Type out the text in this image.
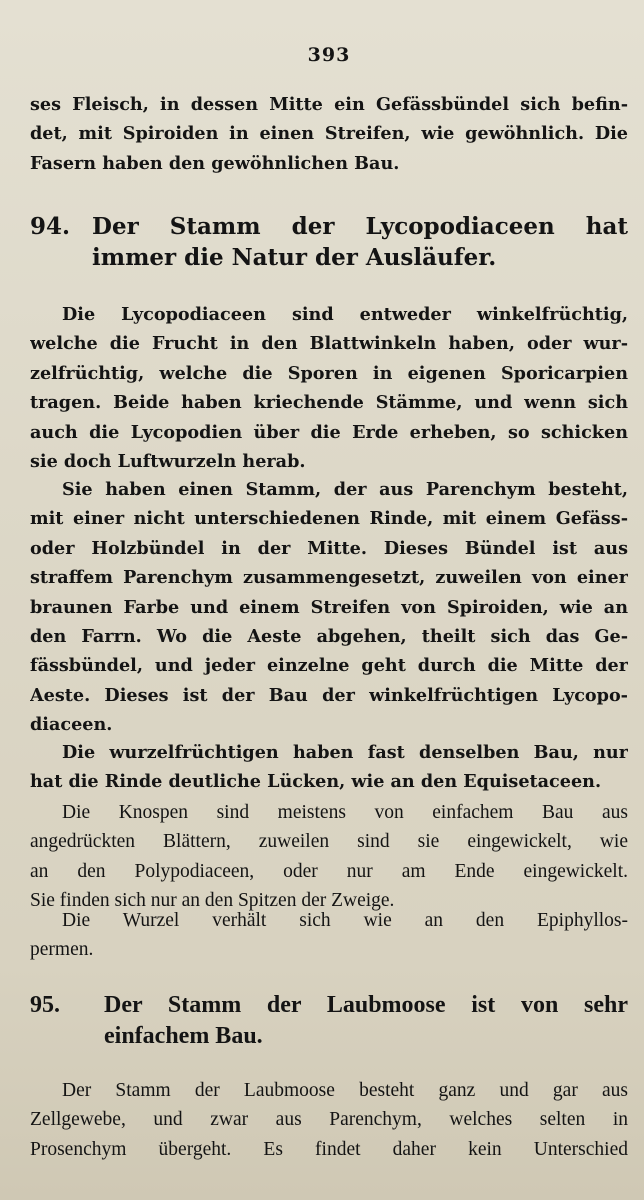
393
ses Fleisch, in dessen Mitte ein Gefässbündel sich befin-
det, mit Spiroiden in einen Streifen, wie gewöhnlich. Die
Fasern haben den gewöhnlichen Bau.
94. Der Stamm der Lycopodiaceen hat
immer die Natur der Ausläufer.
Die Lycopodiaceen sind entweder winkelfrüchtig,
welche die Frucht in den Blattwinkeln haben, oder wur-
zelfrüchtig, welche die Sporen in eigenen Sporicarpien
tragen. Beide haben kriechende Stämme, und wenn sich
auch die Lycopodien über die Erde erheben, so schicken
sie doch Luftwurzeln herab.
Sie haben einen Stamm, der aus Parenchym besteht,
mit einer nicht unterschiedenen Rinde, mit einem Gefäss-
oder Holzbündel in der Mitte. Dieses Bündel ist aus
straffem Parenchym zusammengesetzt, zuweilen von einer
braunen Farbe und einem Streifen von Spiroiden, wie an
den Farrn. Wo die Aeste abgehen, theilt sich das Ge-
fässbündel, und jeder einzelne geht durch die Mitte der
Aeste. Dieses ist der Bau der winkelfrüchtigen Lycopo-
diaceen.
Die wurzelfrüchtigen haben fast denselben Bau, nur
hat die Rinde deutliche Lücken, wie an den Equisetaceen.
Die Knospen sind meistens von einfachem Bau aus
angedrückten Blättern, zuweilen sind sie eingewickelt, wie
an den Polypodiaceen, oder nur am Ende eingewickelt.
Sie finden sich nur an den Spitzen der Zweige.
Die Wurzel verhält sich wie an den Epiphyllos-
permen.
95. Der Stamm der Laubmoose ist von sehr
einfachem Bau.
Der Stamm der Laubmoose besteht ganz und gar aus
Zellgewebe, und zwar aus Parenchym, welches selten in
Prosenchym übergeht. Es findet daher kein Unterschied
